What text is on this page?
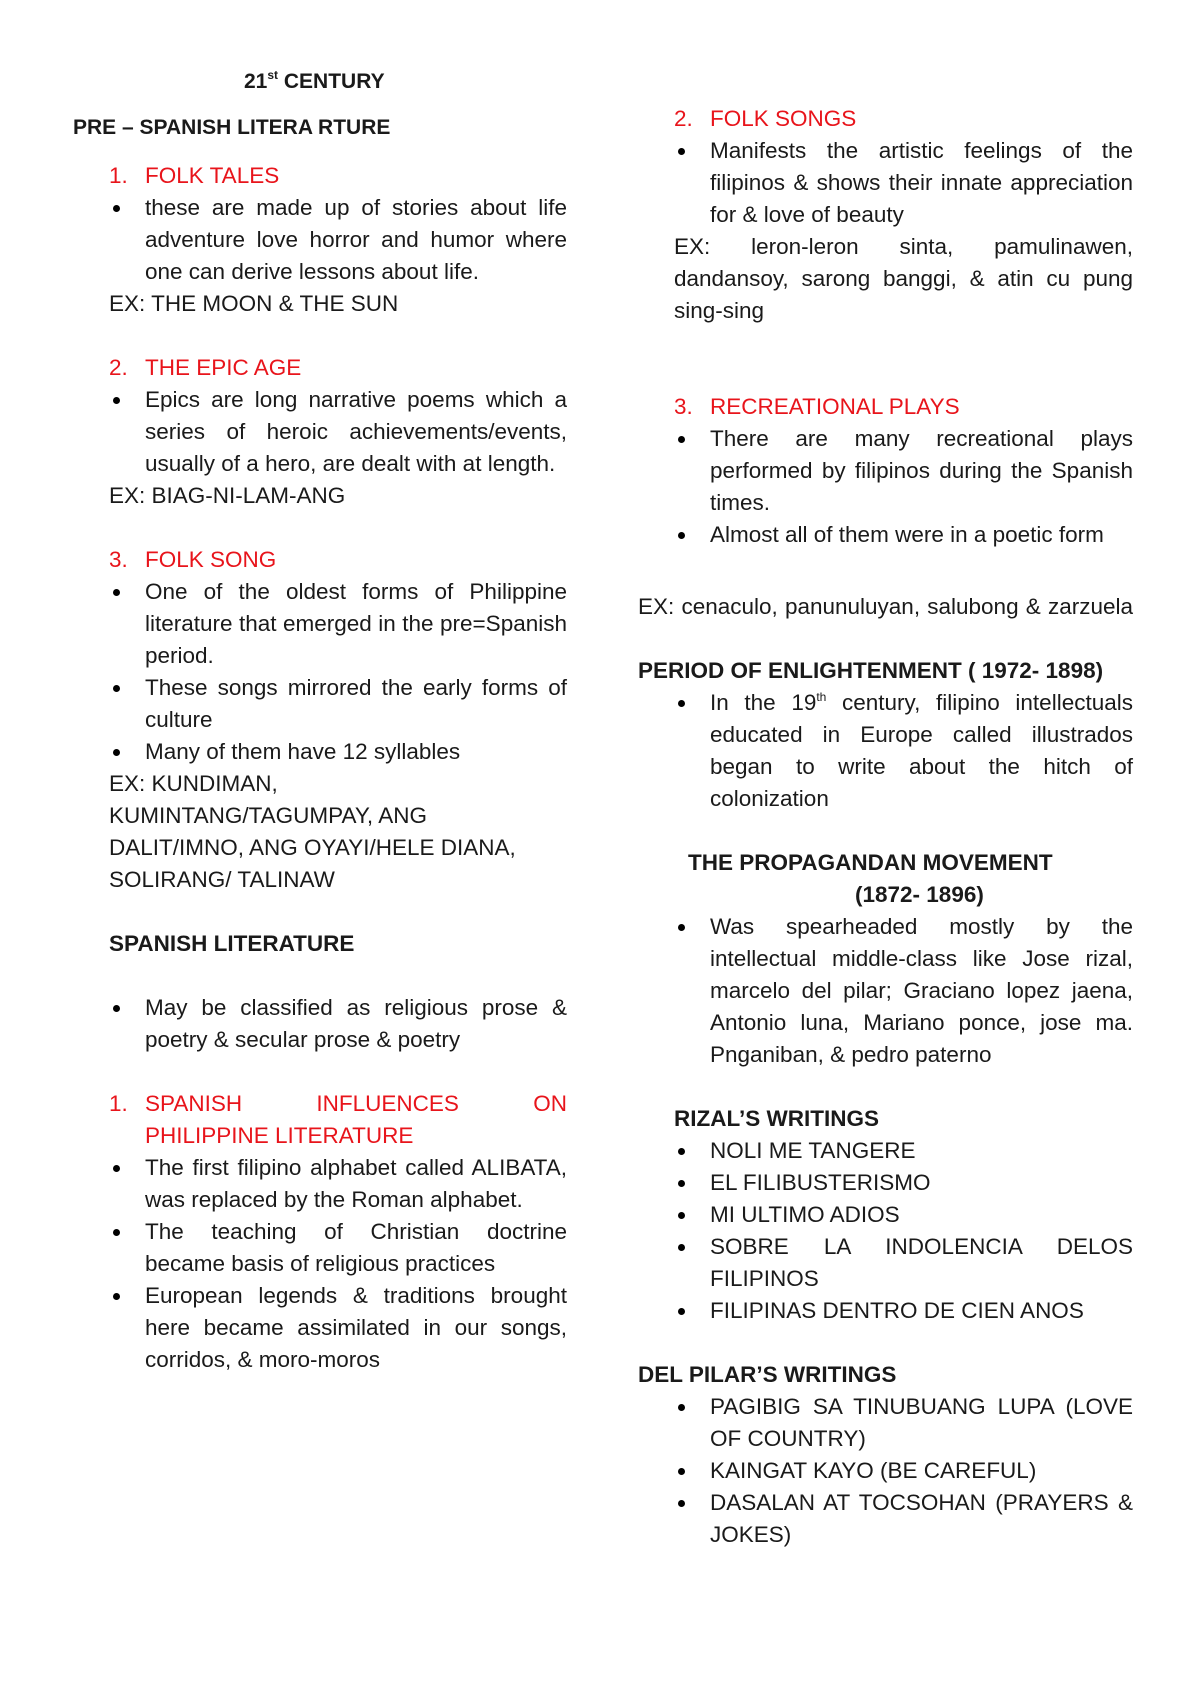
21st CENTURY
PRE – SPANISH LITERA RTURE
1. FOLK TALES
these are made up of stories about life adventure love horror and humor where one can derive lessons about life.
EX: THE MOON & THE SUN
2. THE EPIC AGE
Epics are long narrative poems which a series of heroic achievements/events, usually of a hero, are dealt with at length.
EX: BIAG-NI-LAM-ANG
3. FOLK SONG
One of the oldest forms of Philippine literature that emerged in the pre=Spanish period.
These songs mirrored the early forms of culture
Many of them have 12 syllables
EX: KUNDIMAN,
KUMINTANG/TAGUMPAY, ANG
DALIT/IMNO, ANG OYAYI/HELE DIANA,
SOLIRANG/ TALINAW
SPANISH LITERATURE
May be classified as religious prose & poetry & secular prose & poetry
1. SPANISH INFLUENCES ON
PHILIPPINE LITERATURE
The first filipino alphabet called ALIBATA, was replaced by the Roman alphabet.
The teaching of Christian doctrine became basis of religious practices
European legends & traditions brought here became assimilated in our songs, corridos, & moro-moros
2. FOLK SONGS
Manifests the artistic feelings of the filipinos & shows their innate appreciation for & love of beauty
EX: leron-leron sinta, pamulinawen, dandansoy, sarong banggi, & atin cu pung sing-sing
3. RECREATIONAL PLAYS
There are many recreational plays performed by filipinos during the Spanish times.
Almost all of them were in a poetic form
EX: cenaculo, panunuluyan, salubong & zarzuela
PERIOD OF ENLIGHTENMENT ( 1972- 1898)
In the 19th century, filipino intellectuals educated in Europe called illustrados began to write about the hitch of colonization
THE PROPAGANDAN MOVEMENT
(1872- 1896)
Was spearheaded mostly by the intellectual middle-class like Jose rizal, marcelo del pilar; Graciano lopez jaena, Antonio luna, Mariano ponce, jose ma. Pnganiban, & pedro paterno
RIZAL’S WRITINGS
NOLI ME TANGERE
EL FILIBUSTERISMO
MI ULTIMO ADIOS
SOBRE LA INDOLENCIA DELOS FILIPINOS
FILIPINAS DENTRO DE CIEN ANOS
DEL PILAR’S WRITINGS
PAGIBIG SA TINUBUANG LUPA (LOVE OF COUNTRY)
KAINGAT KAYO (BE CAREFUL)
DASALAN AT TOCSOHAN (PRAYERS & JOKES)
